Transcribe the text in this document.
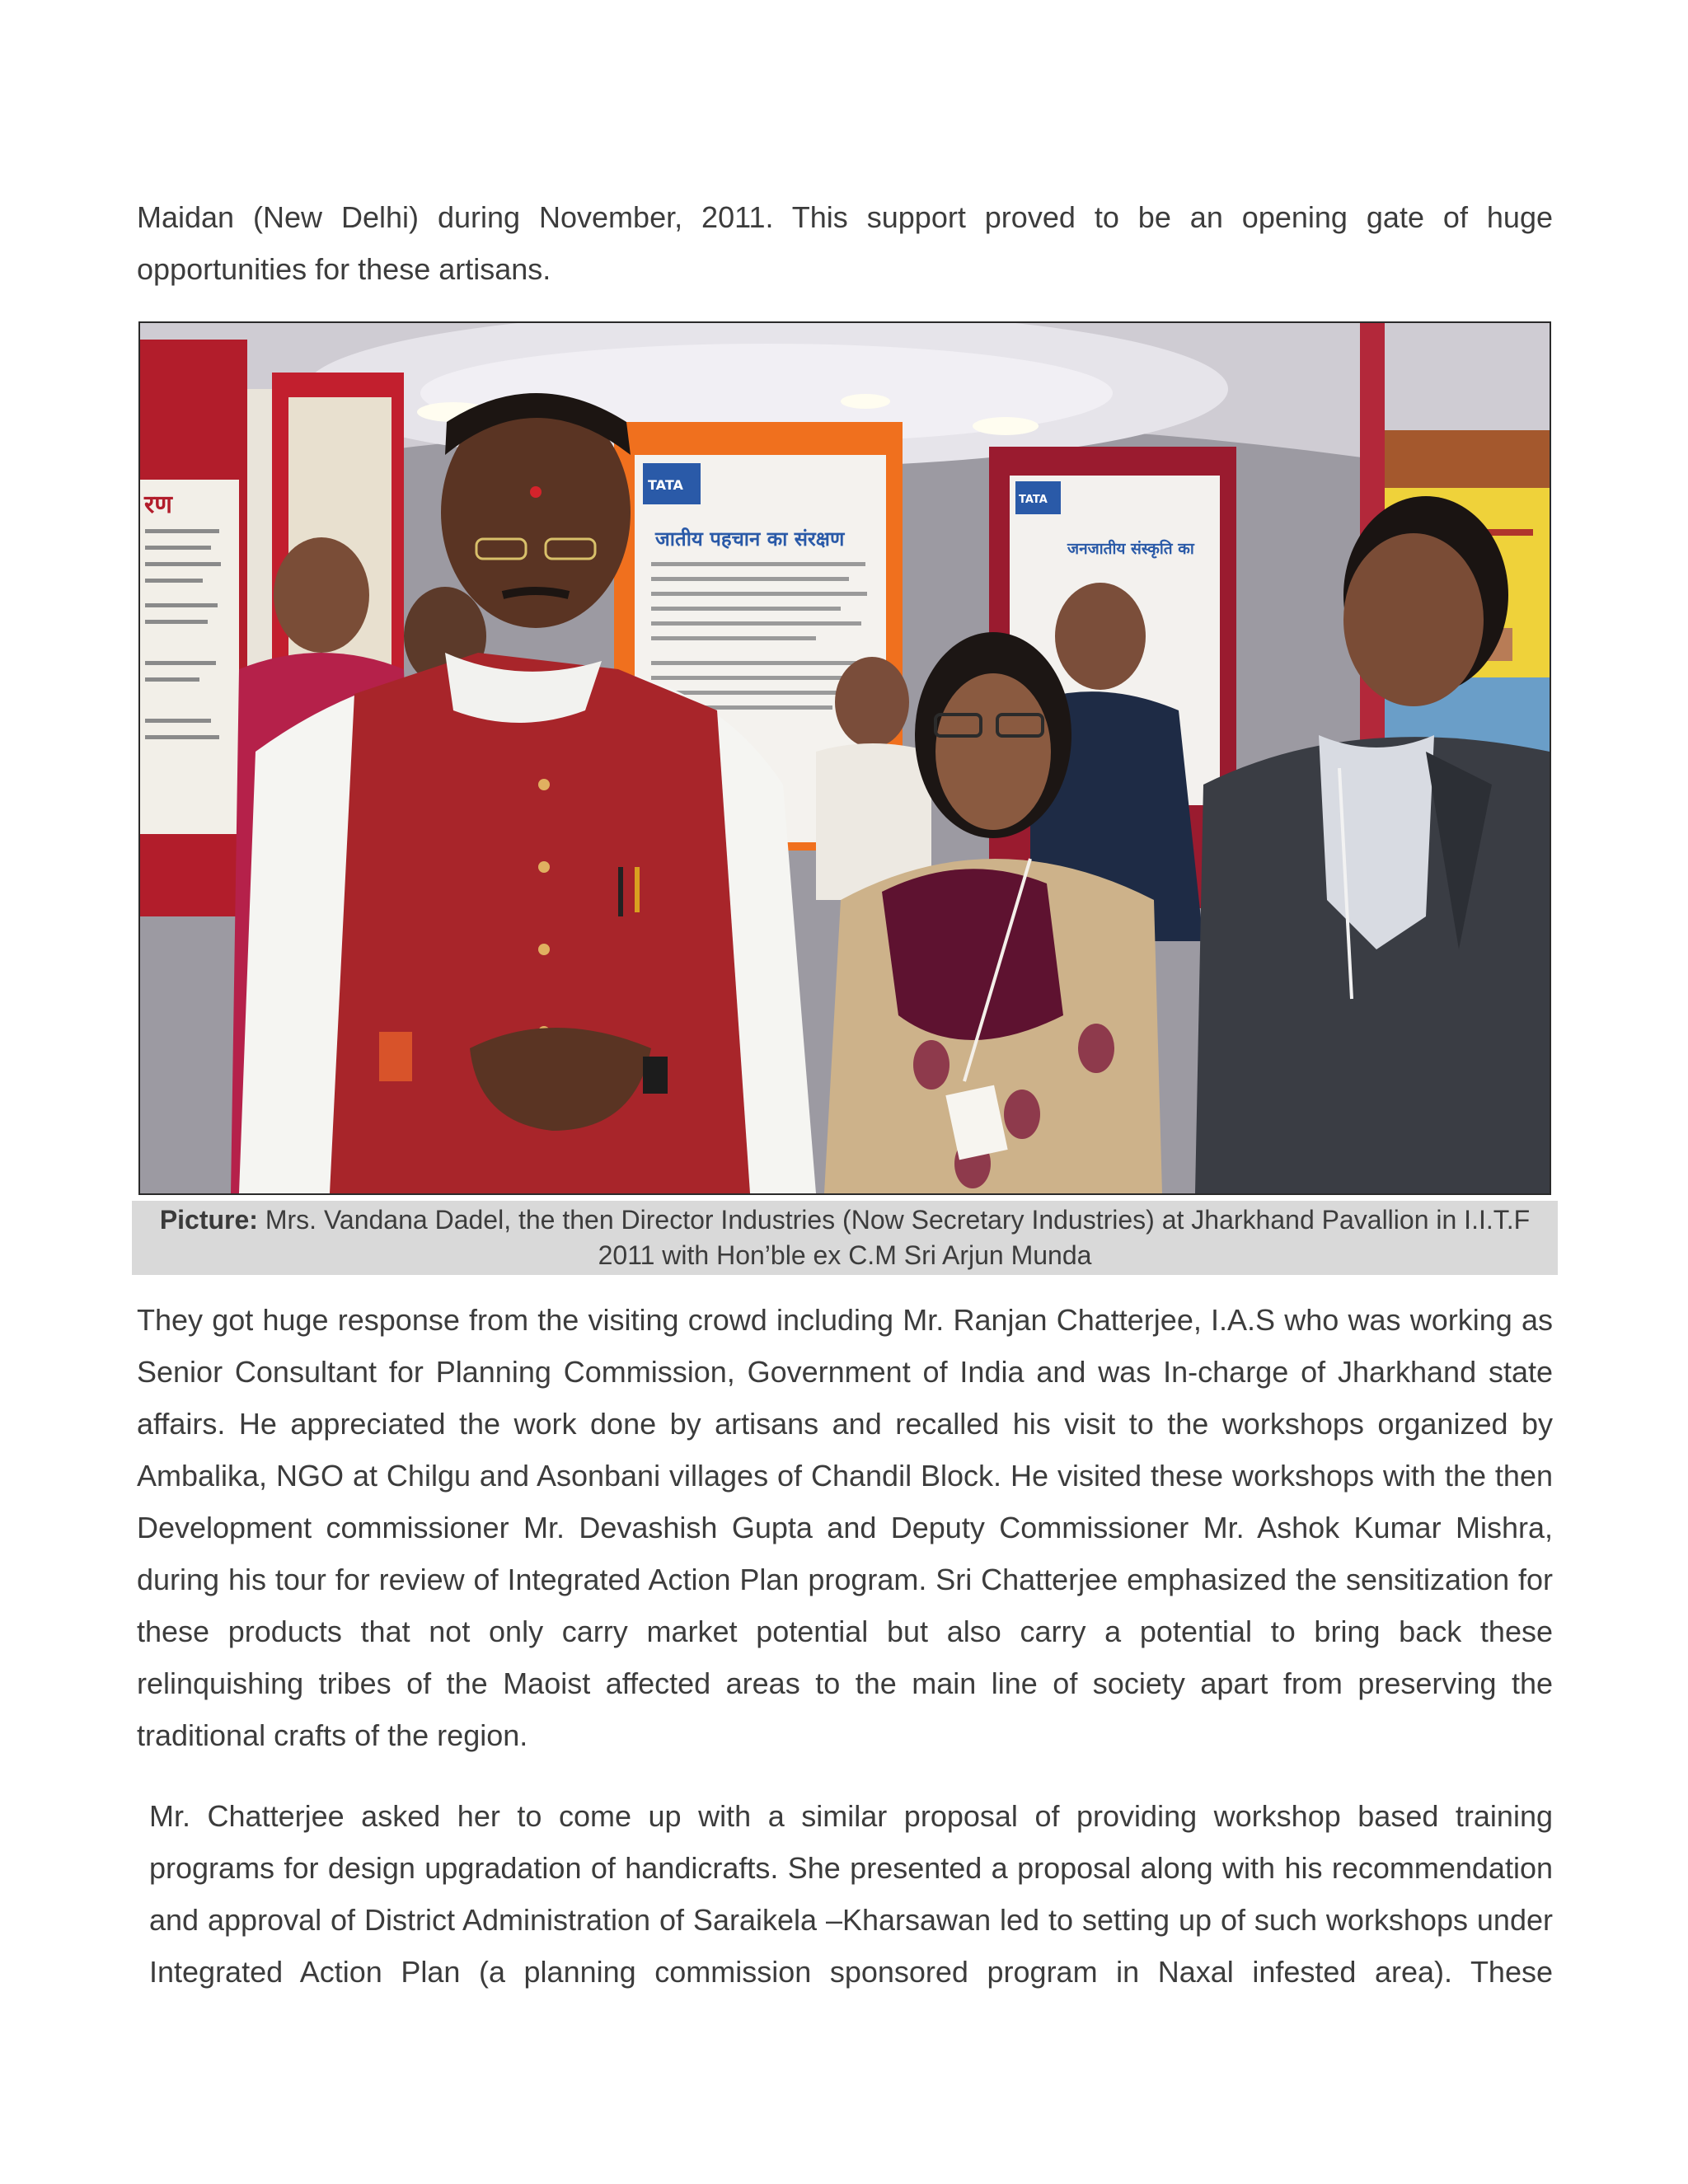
Maidan (New Delhi) during November, 2011. This support proved to be an opening gate of huge opportunities for these artisans.

रण
TATA
जातीय पहचान का संरक्षण
TATA
जनजातीय संस्कृति का
Picture: Mrs. Vandana Dadel, the then Director Industries (Now Secretary Industries) at Jharkhand Pavallion in I.I.T.F 2011 with Hon’ble ex C.M Sri Arjun Munda

They got huge response from the visiting crowd including Mr. Ranjan Chatterjee, I.A.S who was working as Senior Consultant for Planning Commission, Government of India and was In-charge of Jharkhand state affairs. He appreciated the work done by artisans and recalled his visit to the workshops organized by Ambalika, NGO at Chilgu and Asonbani villages of Chandil Block. He visited these workshops with the then Development commissioner Mr. Devashish Gupta and Deputy Commissioner Mr. Ashok Kumar Mishra, during his tour for review of Integrated Action Plan program. Sri Chatterjee emphasized the sensitization for these products that not only carry market potential but also carry a potential to bring back these relinquishing tribes of the Maoist affected areas to the main line of society apart from preserving the traditional crafts of the region.

Mr. Chatterjee asked her to come up with a similar proposal of providing workshop based training programs for design upgradation of handicrafts. She presented a proposal along with his recommendation and approval of District Administration of Saraikela –Kharsawan led to setting up of such workshops under Integrated Action Plan (a planning commission sponsored program in Naxal infested area). These
